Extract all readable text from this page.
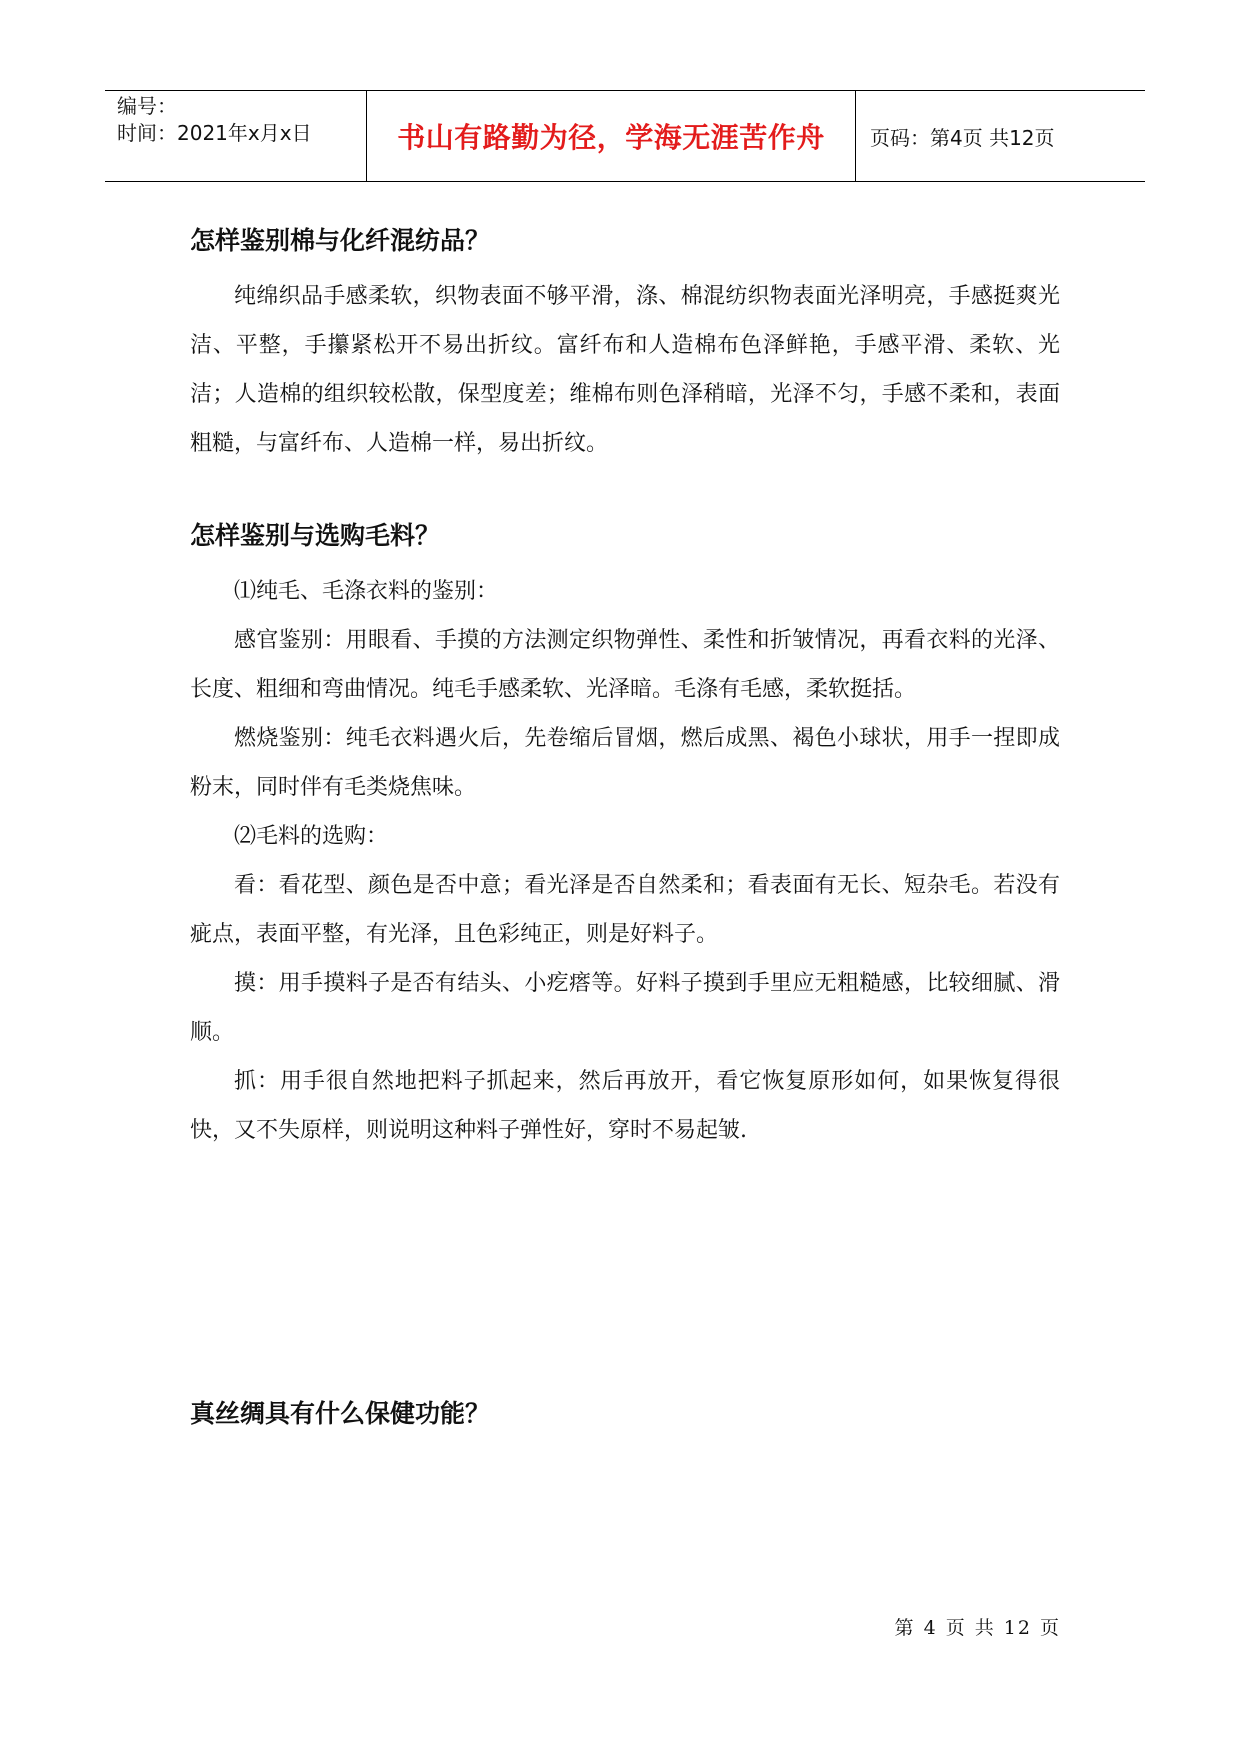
编号：
时间：2021年x月x日	书山有路勤为径，学海无涯苦作舟	页码：第4页 共12页
怎样鉴别棉与化纤混纺品？

纯绵织品手感柔软，织物表面不够平滑，涤、棉混纺织物表面光泽明亮，手感挺爽光洁、平整，手攥紧松开不易出折纹。富纤布和人造棉布色泽鲜艳，手感平滑、柔软、光洁；人造棉的组织较松散，保型度差；维棉布则色泽稍暗，光泽不匀，手感不柔和，表面粗糙，与富纤布、人造棉一样，易出折纹。

怎样鉴别与选购毛料？

⑴纯毛、毛涤衣料的鉴别：

感官鉴别：用眼看、手摸的方法测定织物弹性、柔性和折皱情况，再看衣料的光泽、长度、粗细和弯曲情况。纯毛手感柔软、光泽暗。毛涤有毛感，柔软挺括。

燃烧鉴别：纯毛衣料遇火后，先卷缩后冒烟，燃后成黑、褐色小球状，用手一捏即成粉末，同时伴有毛类烧焦味。

⑵毛料的选购：

看：看花型、颜色是否中意；看光泽是否自然柔和；看表面有无长、短杂毛。若没有疵点，表面平整，有光泽，且色彩纯正，则是好料子。

摸：用手摸料子是否有结头、小疙瘩等。好料子摸到手里应无粗糙感，比较细腻、滑顺。

抓：用手很自然地把料子抓起来，然后再放开，看它恢复原形如何，如果恢复得很快，又不失原样，则说明这种料子弹性好，穿时不易起皱.

真丝绸具有什么保健功能？
第 4 页 共 12 页
